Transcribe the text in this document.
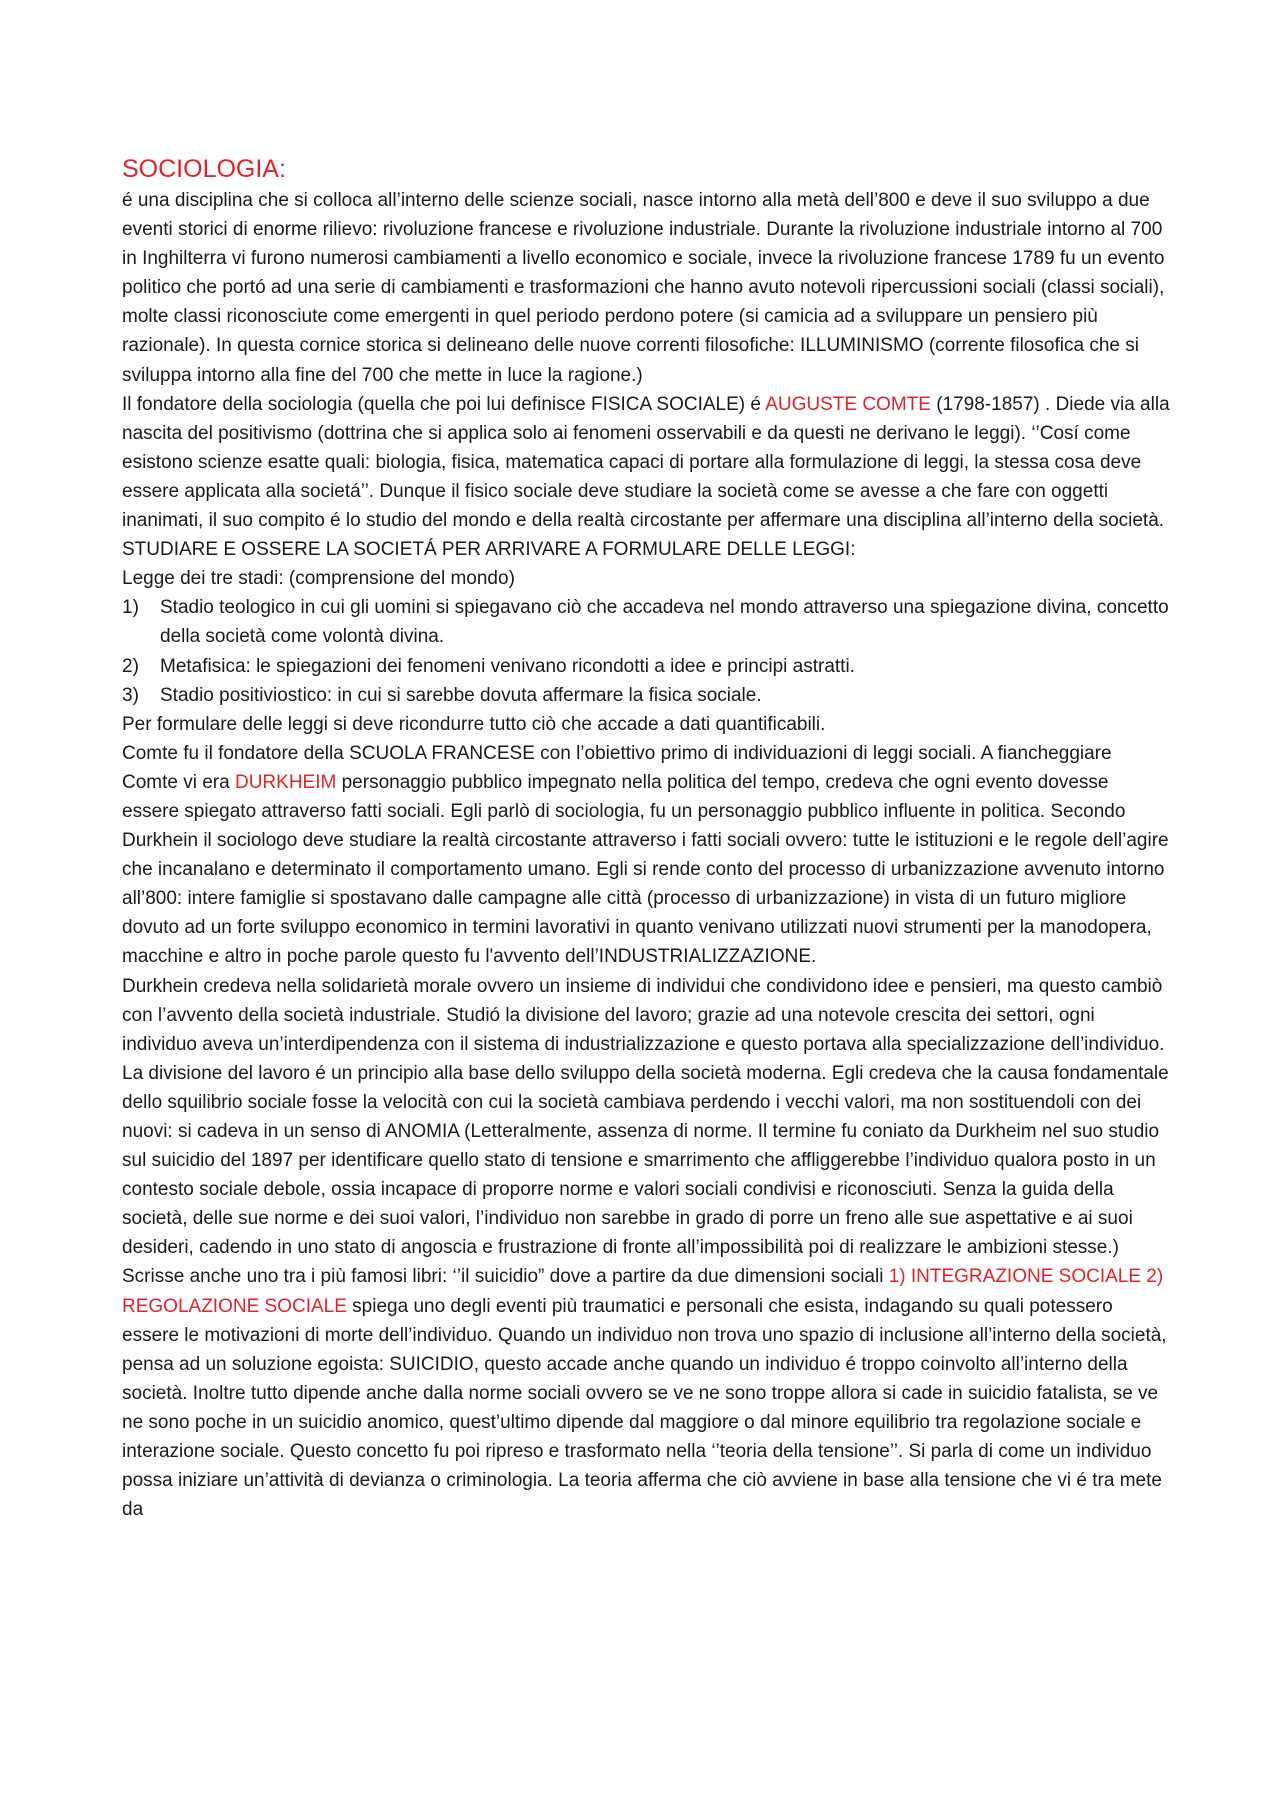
SOCIOLOGIA:

é una disciplina che si colloca all’interno delle scienze sociali, nasce intorno alla metà dell’800 e deve il suo sviluppo a due eventi storici di enorme rilievo: rivoluzione francese e rivoluzione industriale. Durante la rivoluzione industriale intorno al 700 in Inghilterra vi furono numerosi cambiamenti a livello economico e sociale, invece la rivoluzione francese 1789 fu un evento politico che portó ad una serie di cambiamenti e trasformazioni che hanno avuto notevoli ripercussioni sociali (classi sociali), molte classi riconosciute come emergenti in quel periodo perdono potere (si camicia ad a sviluppare un pensiero più razionale). In questa cornice storica si delineano delle nuove correnti filosofiche: ILLUMINISMO (corrente filosofica che si sviluppa intorno alla fine del 700 che mette in luce la ragione.)

Il fondatore della sociologia (quella che poi lui definisce FISICA SOCIALE) é AUGUSTE COMTE (1798-1857) . Diede via alla nascita del positivismo (dottrina che si applica solo ai fenomeni osservabili e da questi ne derivano le leggi). ‘’Cosí come esistono scienze esatte quali: biologia, fisica, matematica capaci di portare alla formulazione di leggi, la stessa cosa deve essere applicata alla societá’’. Dunque il fisico sociale deve studiare la società come se avesse a che fare con oggetti inanimati, il suo compito é lo studio del mondo e della realtà circostante per affermare una disciplina all’interno della società.

STUDIARE E OSSERE LA SOCIETÁ PER ARRIVARE A FORMULARE DELLE LEGGI:

Legge dei tre stadi: (comprensione del mondo)

1) Stadio teologico in cui gli uomini si spiegavano ciò che accadeva nel mondo attraverso una spiegazione divina, concetto della società come volontà divina.
2) Metafisica: le spiegazioni dei fenomeni venivano ricondotti a idee e principi astratti.
3) Stadio positiviostico: in cui si sarebbe dovuta affermare la fisica sociale.

Per formulare delle leggi si deve ricondurre tutto ciò che accade a dati quantificabili.

Comte fu il fondatore della SCUOLA FRANCESE con l’obiettivo primo di individuazioni di leggi sociali. A fiancheggiare Comte vi era DURKHEIM personaggio pubblico impegnato nella politica del tempo, credeva che ogni evento dovesse essere spiegato attraverso fatti sociali. Egli parlò di sociologia, fu un personaggio pubblico influente in politica. Secondo Durkhein il sociologo deve studiare la realtà circostante attraverso i fatti sociali ovvero: tutte le istituzioni e le regole dell’agire che incanalano e determinato il comportamento umano. Egli si rende conto del processo di urbanizzazione avvenuto intorno all’800: intere famiglie si spostavano dalle campagne alle città (processo di urbanizzazione) in vista di un futuro migliore dovuto ad un forte sviluppo economico in termini lavorativi in quanto venivano utilizzati nuovi strumenti per la manodopera, macchine e altro in poche parole questo fu l'avvento dell’INDUSTRIALIZZAZIONE.

Durkhein credeva nella solidarietà morale ovvero un insieme di individui che condividono idee e pensieri, ma questo cambiò con l’avvento della società industriale. Studió la divisione del lavoro; grazie ad una notevole crescita dei settori, ogni individuo aveva un’interdipendenza con il sistema di industrializzazione e questo portava alla specializzazione dell’individuo. La divisione del lavoro é un principio alla base dello sviluppo della società moderna. Egli credeva che la causa fondamentale dello squilibrio sociale fosse la velocità con cui la società cambiava perdendo i vecchi valori, ma non sostituendoli con dei nuovi: si cadeva in un senso di ANOMIA (Letteralmente, assenza di norme. Il termine fu coniato da Durkheim nel suo studio sul suicidio del 1897 per identificare quello stato di tensione e smarrimento che affliggerebbe l’individuo qualora posto in un contesto sociale debole, ossia incapace di proporre norme e valori sociali condivisi e riconosciuti. Senza la guida della società, delle sue norme e dei suoi valori, l’individuo non sarebbe in grado di porre un freno alle sue aspettative e ai suoi desideri, cadendo in uno stato di angoscia e frustrazione di fronte all’impossibilità poi di realizzare le ambizioni stesse.) Scrisse anche uno tra i più famosi libri: ‘’il suicidio” dove a partire da due dimensioni sociali 1) INTEGRAZIONE SOCIALE 2) REGOLAZIONE SOCIALE spiega uno degli eventi più traumatici e personali che esista, indagando su quali potessero essere le motivazioni di morte dell’individuo. Quando un individuo non trova uno spazio di inclusione all’interno della società, pensa ad un soluzione egoista: SUICIDIO, questo accade anche quando un individuo é troppo coinvolto all’interno della società. Inoltre tutto dipende anche dalla norme sociali ovvero se ve ne sono troppe allora si cade in suicidio fatalista, se ve ne sono poche in un suicidio anomico, quest’ultimo dipende dal maggiore o dal minore equilibrio tra regolazione sociale e interazione sociale. Questo concetto fu poi ripreso e trasformato nella ‘’teoria della tensione’’. Si parla di come un individuo possa iniziare un’attività di devianza o criminologia. La teoria afferma che ciò avviene in base alla tensione che vi é tra mete da
